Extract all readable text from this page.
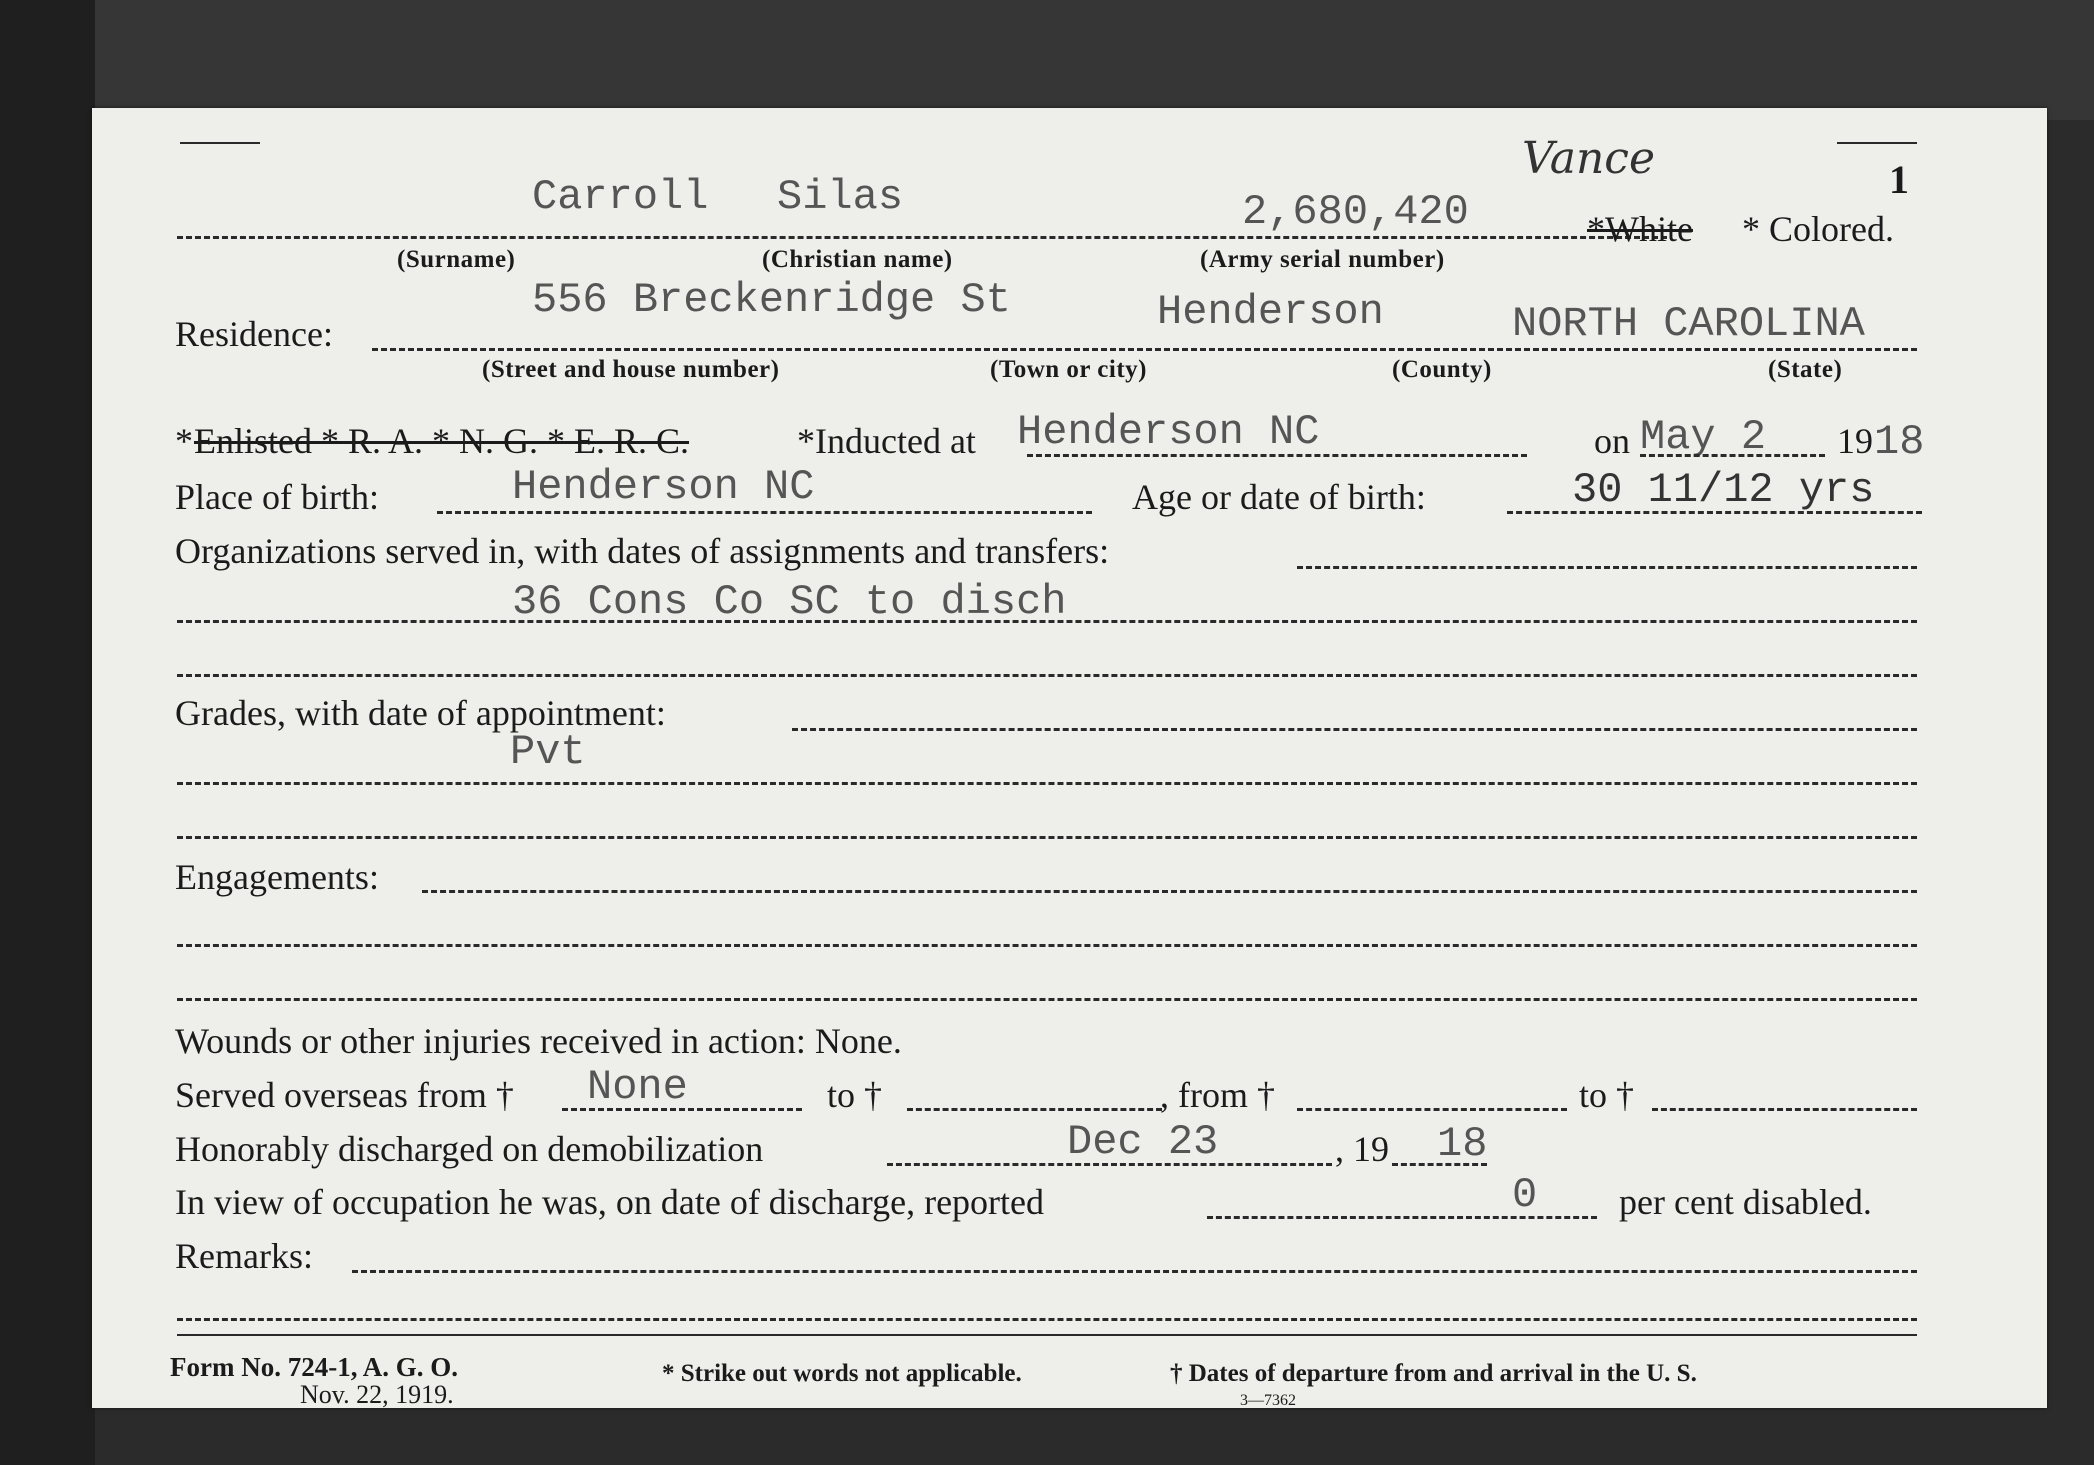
Vance	1
Carroll Silas	2,680,420	*White * Colored.
(Surname)	(Christian name)	(Army serial number)
Residence:
556 Breckenridge St	Henderson	NORTH CAROLINA
(Street and house number)	(Town or city)	(County)	(State)
* Enlisted * R. A. * N. G. * E. R. C.	*Inducted at Henderson NC	on May 2 19 18
Place of birth:	Henderson NC	Age or date of birth:	30 11/12 yrs
Organizations served in, with dates of assignments and transfers:
36 Cons Co SC to disch
Grades, with date of appointment:
Pvt
Engagements:
Wounds or other injuries received in action: None.
Served overseas from † None	to †	, from †	to †
Honorably discharged on demobilization	Dec 23	, 19 18
In view of occupation he was, on date of discharge, reported	0 per cent disabled.
Remarks:
Form No. 724-1, A. G. O.
Nov. 22, 1919.
* Strike out words not applicable.	† Dates of departure from and arrival in the U. S.
3—7362
